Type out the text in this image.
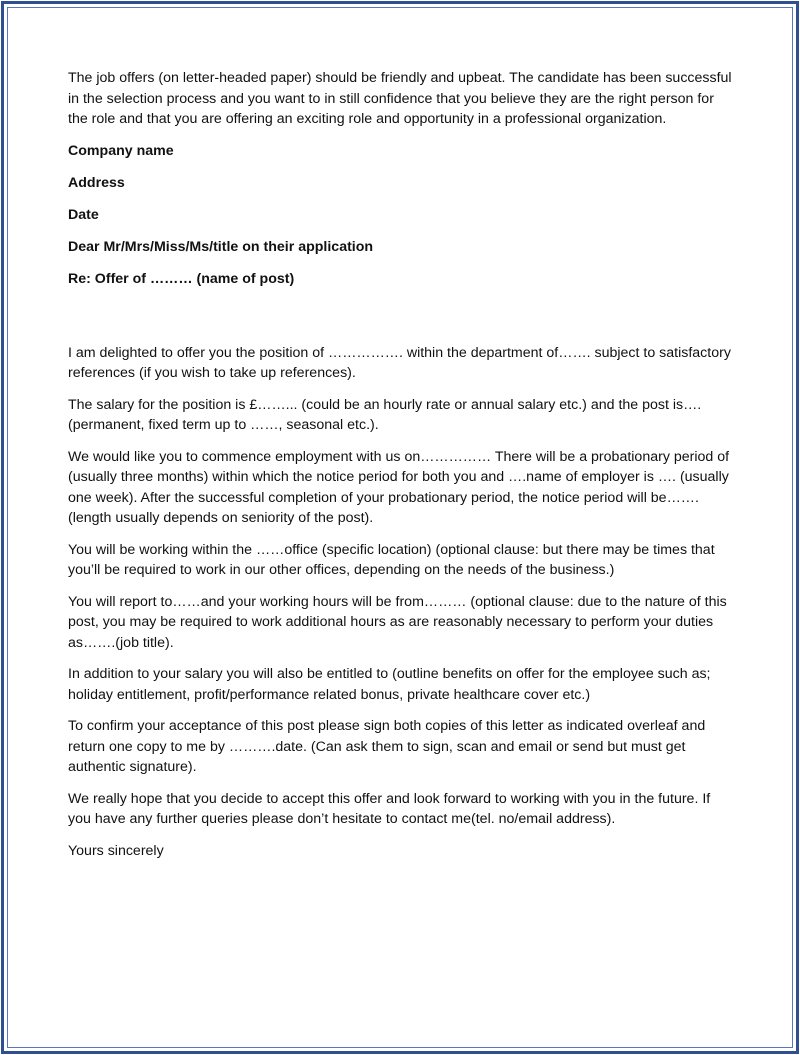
The job offers (on letter-headed paper) should be friendly and upbeat. The candidate has been successful in the selection process and you want to in still confidence that you believe they are the right person for the role and that you are offering an exciting role and opportunity in a professional organization.

Company name
Address
Date
Dear Mr/Mrs/Miss/Ms/title on their application
Re: Offer of ……… (name of post)

I am delighted to offer you the position of ……………. within the department of……. subject to satisfactory references (if you wish to take up references).

The salary for the position is £……... (could be an hourly rate or annual salary etc.) and the post is…. (permanent, fixed term up to ……, seasonal etc.).

We would like you to commence employment with us on…………… There will be a probationary period of (usually three months) within which the notice period for both you and ….name of employer is …. (usually one week). After the successful completion of your probationary period, the notice period will be……. (length usually depends on seniority of the post).

You will be working within the ……office (specific location) (optional clause: but there may be times that you’ll be required to work in our other offices, depending on the needs of the business.)

You will report to……and your working hours will be from……… (optional clause: due to the nature of this post, you may be required to work additional hours as are reasonably necessary to perform your duties as…….(job title).

In addition to your salary you will also be entitled to (outline benefits on offer for the employee such as; holiday entitlement, profit/performance related bonus, private healthcare cover etc.)

To confirm your acceptance of this post please sign both copies of this letter as indicated overleaf and return one copy to me by ……….date. (Can ask them to sign, scan and email or send but must get authentic signature).

We really hope that you decide to accept this offer and look forward to working with you in the future. If you have any further queries please don’t hesitate to contact me(tel. no/email address).

Yours sincerely
